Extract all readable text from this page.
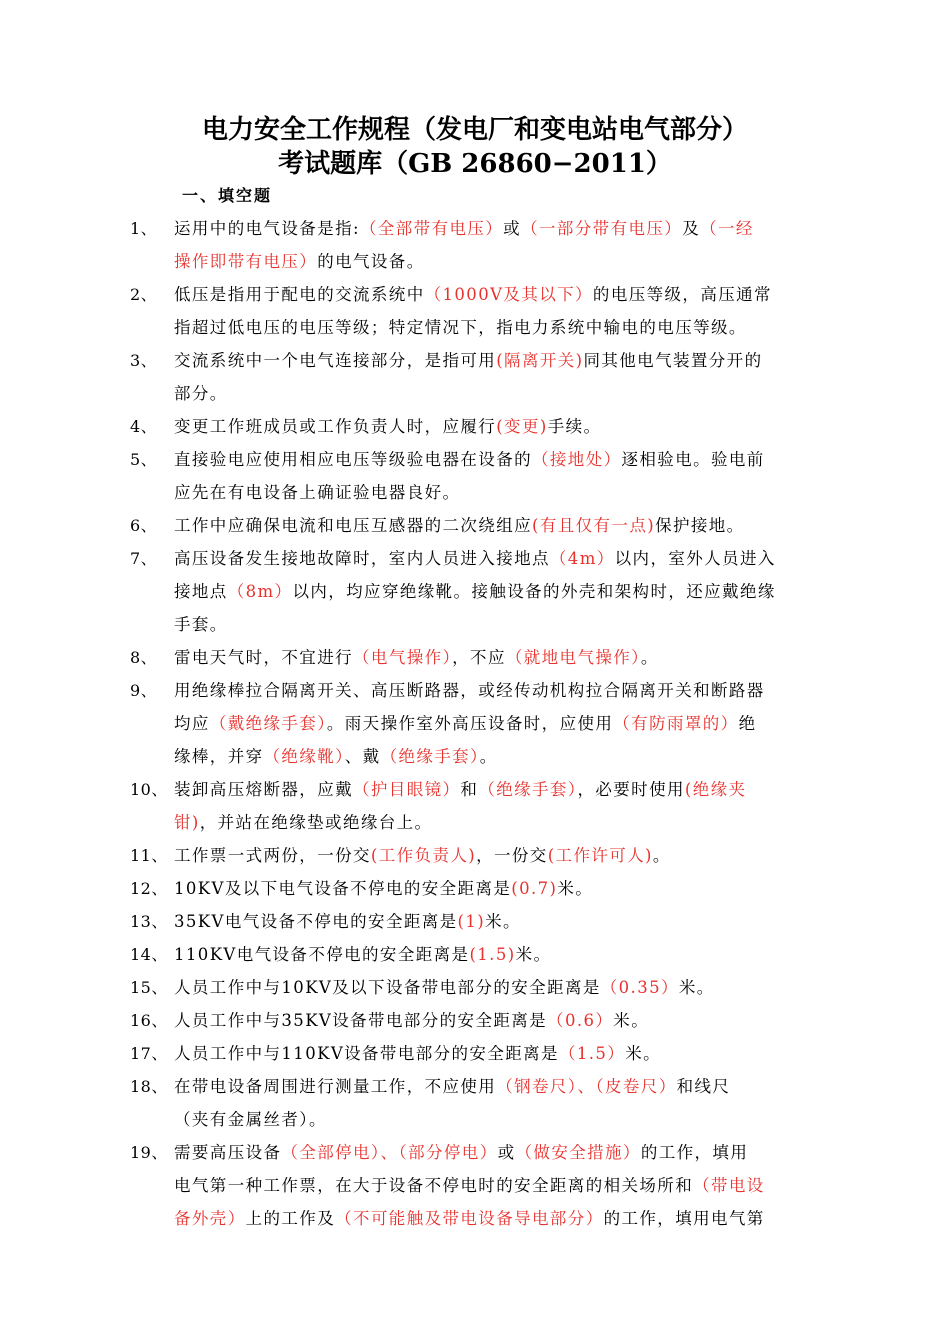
电力安全工作规程（发电厂和变电站电气部分）
考试题库（GB 26860−2011）
一、填空题
1、 运用中的电气设备是指:（全部带有电压）或（一部分带有电压）及（一经
操作即带有电压）的电气设备。
2、 低压是指用于配电的交流系统中（1000V及其以下）的电压等级，高压通常
指超过低电压的电压等级；特定情况下，指电力系统中输电的电压等级。
3、 交流系统中一个电气连接部分，是指可用(隔离开关)同其他电气装置分开的
部分。
4、 变更工作班成员或工作负责人时，应履行(变更)手续。
5、 直接验电应使用相应电压等级验电器在设备的（接地处）逐相验电。验电前
应先在有电设备上确证验电器良好。
6、 工作中应确保电流和电压互感器的二次绕组应(有且仅有一点)保护接地。
7、 高压设备发生接地故障时，室内人员进入接地点（4m）以内，室外人员进入
接地点（8m）以内，均应穿绝缘靴。接触设备的外壳和架构时，还应戴绝缘
手套。
8、 雷电天气时，不宜进行（电气操作），不应（就地电气操作）。
9、 用绝缘棒拉合隔离开关、高压断路器，或经传动机构拉合隔离开关和断路器
均应（戴绝缘手套）。雨天操作室外高压设备时，应使用（有防雨罩的）绝
缘棒，并穿（绝缘靴）、戴（绝缘手套）。
10、 装卸高压熔断器，应戴（护目眼镜）和（绝缘手套），必要时使用(绝缘夹
钳)，并站在绝缘垫或绝缘台上。
11、 工作票一式两份，一份交(工作负责人)，一份交(工作许可人)。
12、 10KV及以下电气设备不停电的安全距离是(0.7)米。
13、 35KV电气设备不停电的安全距离是(1)米。
14、 110KV电气设备不停电的安全距离是(1.5)米。
15、 人员工作中与10KV及以下设备带电部分的安全距离是（0.35）米。
16、 人员工作中与35KV设备带电部分的安全距离是（0.6）米。
17、 人员工作中与110KV设备带电部分的安全距离是（1.5）米。
18、 在带电设备周围进行测量工作，不应使用（钢卷尺）、（皮卷尺）和线尺
（夹有金属丝者）。
19、 需要高压设备（全部停电）、（部分停电）或（做安全措施）的工作，填用
电气第一种工作票，在大于设备不停电时的安全距离的相关场所和（带电设
备外壳）上的工作及（不可能触及带电设备导电部分）的工作，填用电气第
